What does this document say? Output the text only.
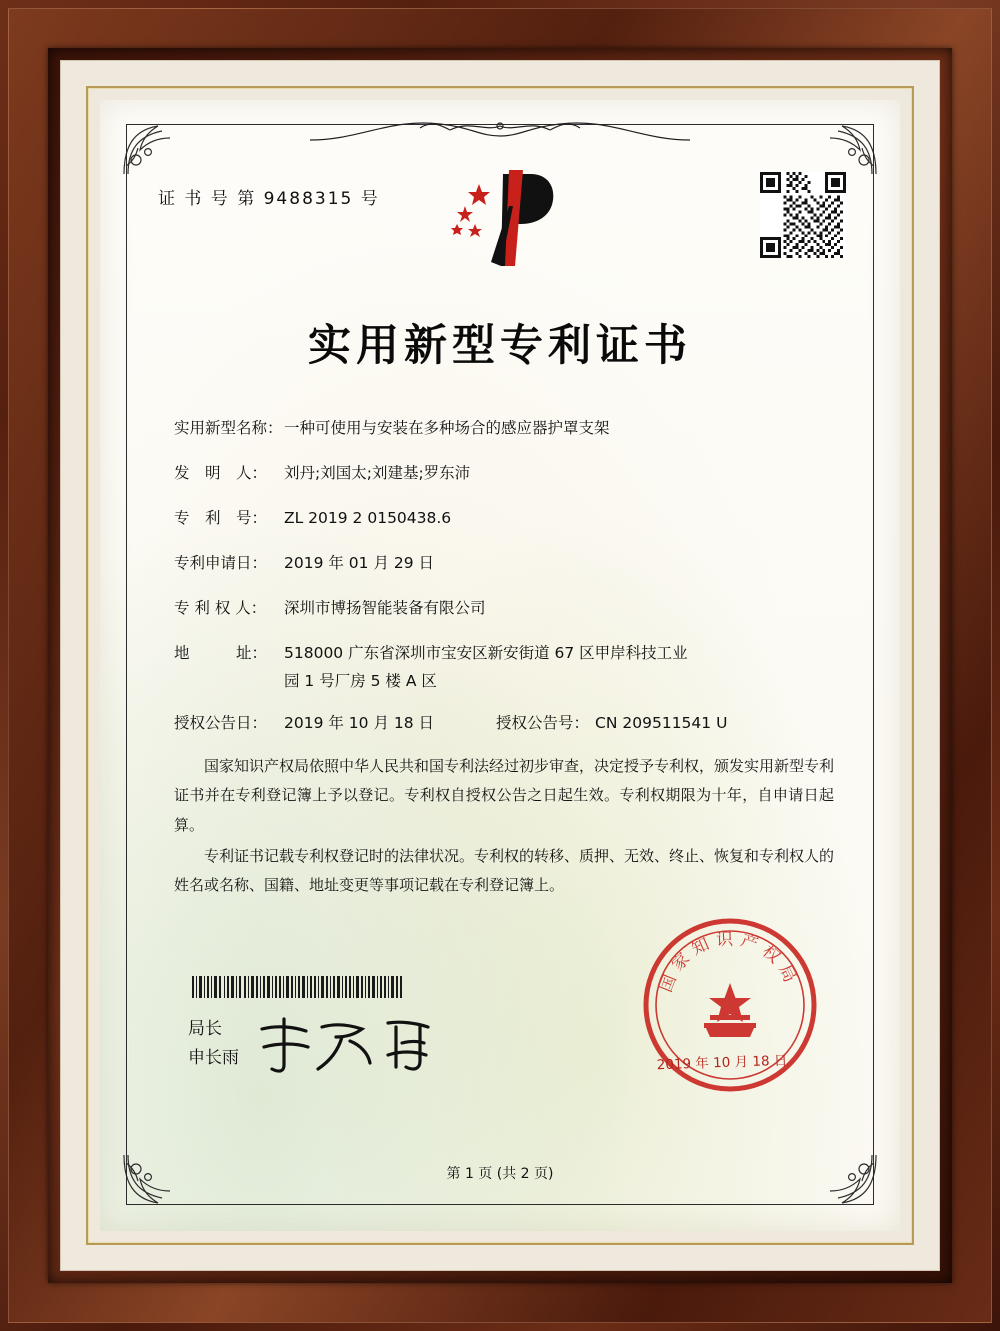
证 书 号 第 9488315 号
实用新型专利证书
实用新型名称： 一种可使用与安装在多种场合的感应器护罩支架
发　明　人：	刘丹;刘国太;刘建基;罗东沛
专　利　号：	ZL 2019 2 0150438.6
专利申请日：	2019 年 01 月 29 日
专 利 权 人：	深圳市博扬智能装备有限公司
地　　　址：	518000 广东省深圳市宝安区新安街道 67 区甲岸科技工业
园 1 号厂房 5 楼 A 区
授权公告日：	2019 年 10 月 18 日	授权公告号： CN 209511541 U

国家知识产权局依照中华人民共和国专利法经过初步审查，决定授予专利权，颁发实用新型专利证书并在专利登记簿上予以登记。专利权自授权公告之日起生效。专利权期限为十年，自申请日起算。

专利证书记载专利权登记时的法律状况。专利权的转移、质押、无效、终止、恢复和专利权人的姓名或名称、国籍、地址变更等事项记载在专利登记簿上。

国家知识产权局
2019 年 10 月 18 日
局长
申长雨
第 1 页 (共 2 页)
